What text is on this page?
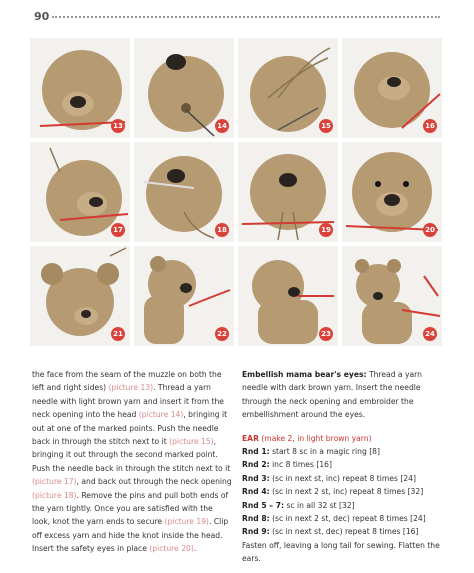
90
13	14	15	16
17	18	19	20
21	22	23	24

the face from the seam of the muzzle on both the left and right sides) (picture 13). Thread a yarn needle with light brown yarn and insert it from the neck opening into the head (picture 14), bringing it out at one of the marked points. Push the needle back in through the stitch next to it (picture 15), bringing it out through the second marked point. Push the needle back in through the stitch next to it (picture 17), and back out through the neck opening (picture 18). Remove the pins and pull both ends of the yarn tightly. Once you are satisfied with the look, knot the yarn ends to secure (picture 19). Clip off excess yarn and hide the knot inside the head. Insert the safety eyes in place (picture 20).

Embellish mama bear's eyes: Thread a yarn needle with dark brown yarn. Insert the needle through the neck opening and embroider the embellishment around the eyes.

EAR (make 2, in light brown yarn)

Rnd 1: start 8 sc in a magic ring [8]

Rnd 2: inc 8 times [16]

Rnd 3: (sc in next st, inc) repeat 8 times [24]

Rnd 4: (sc in next 2 st, inc) repeat 8 times [32]

Rnd 5 – 7: sc in all 32 st [32]

Rnd 8: (sc in next 2 st, dec) repeat 8 times [24]

Rnd 9: (sc in next st, dec) repeat 8 times [16]

Fasten off, leaving a long tail for sewing. Flatten the ears.
